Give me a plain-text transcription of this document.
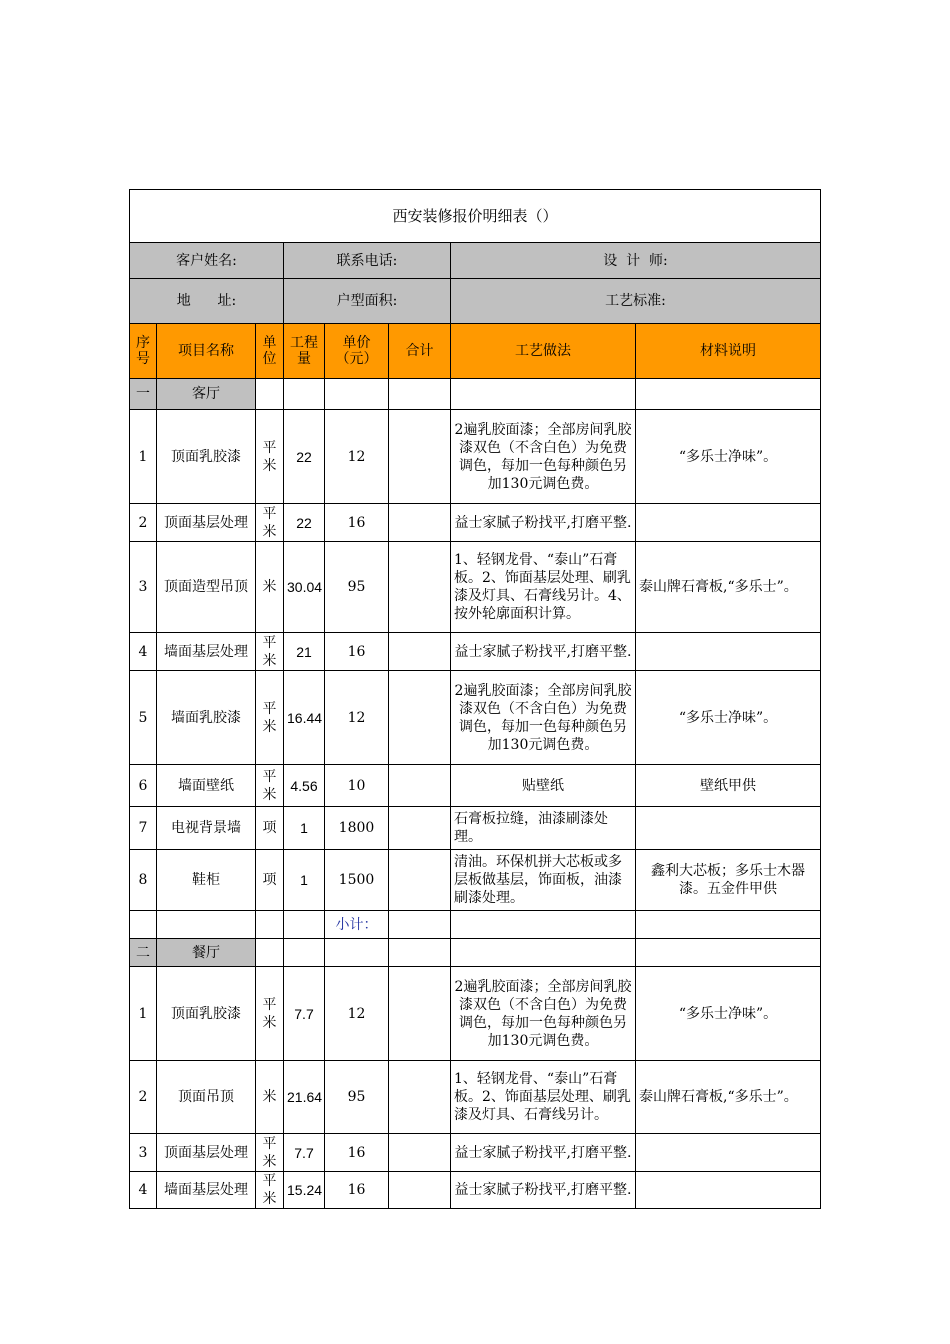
西安装修报价明细表（）							
客户姓名:			联系电话:			设  计  师:	
地      址:			户型面积:			工艺标准:	
序号	项目名称	单位	工程量	单价（元）	合计	工艺做法	材料说明
一	客厅						
1	顶面乳胶漆	平米	22	12		2遍乳胶面漆；全部房间乳胶漆双色（不含白色）为免费调色，每加一色每种颜色另加130元调色费。	“多乐士净味”。
2	顶面基层处理	平米	22	16		益士家腻子粉找平,打磨平整.	
3	顶面造型吊顶	米	30.04	95		1、轻钢龙骨、“泰山”石膏板。2、饰面基层处理、刷乳漆及灯具、石膏线另计。4、按外轮廓面积计算。	泰山牌石膏板,“多乐士”。
4	墙面基层处理	平米	21	16		益士家腻子粉找平,打磨平整.	
5	墙面乳胶漆	平米	16.44	12		2遍乳胶面漆；全部房间乳胶漆双色（不含白色）为免费调色，每加一色每种颜色另加130元调色费。	“多乐士净味”。
6	墙面壁纸	平米	4.56	10		贴壁纸	壁纸甲供
7	电视背景墙	项	1	1800		石膏板拉缝，油漆刷漆处理。	
8	鞋柜	项	1	1500		清油。环保机拼大芯板或多层板做基层，饰面板，油漆刷漆处理。	鑫利大芯板；多乐士木器漆。五金件甲供
				小计：			
二	餐厅						
1	顶面乳胶漆	平米	7.7	12		2遍乳胶面漆；全部房间乳胶漆双色（不含白色）为免费调色，每加一色每种颜色另加130元调色费。	“多乐士净味”。
2	顶面吊顶	米	21.64	95		1、轻钢龙骨、“泰山”石膏板。2、饰面基层处理、刷乳漆及灯具、石膏线另计。	泰山牌石膏板,“多乐士”。
3	顶面基层处理	平米	7.7	16		益士家腻子粉找平,打磨平整.	
4	墙面基层处理	平米	15.24	16		益士家腻子粉找平,打磨平整.	
